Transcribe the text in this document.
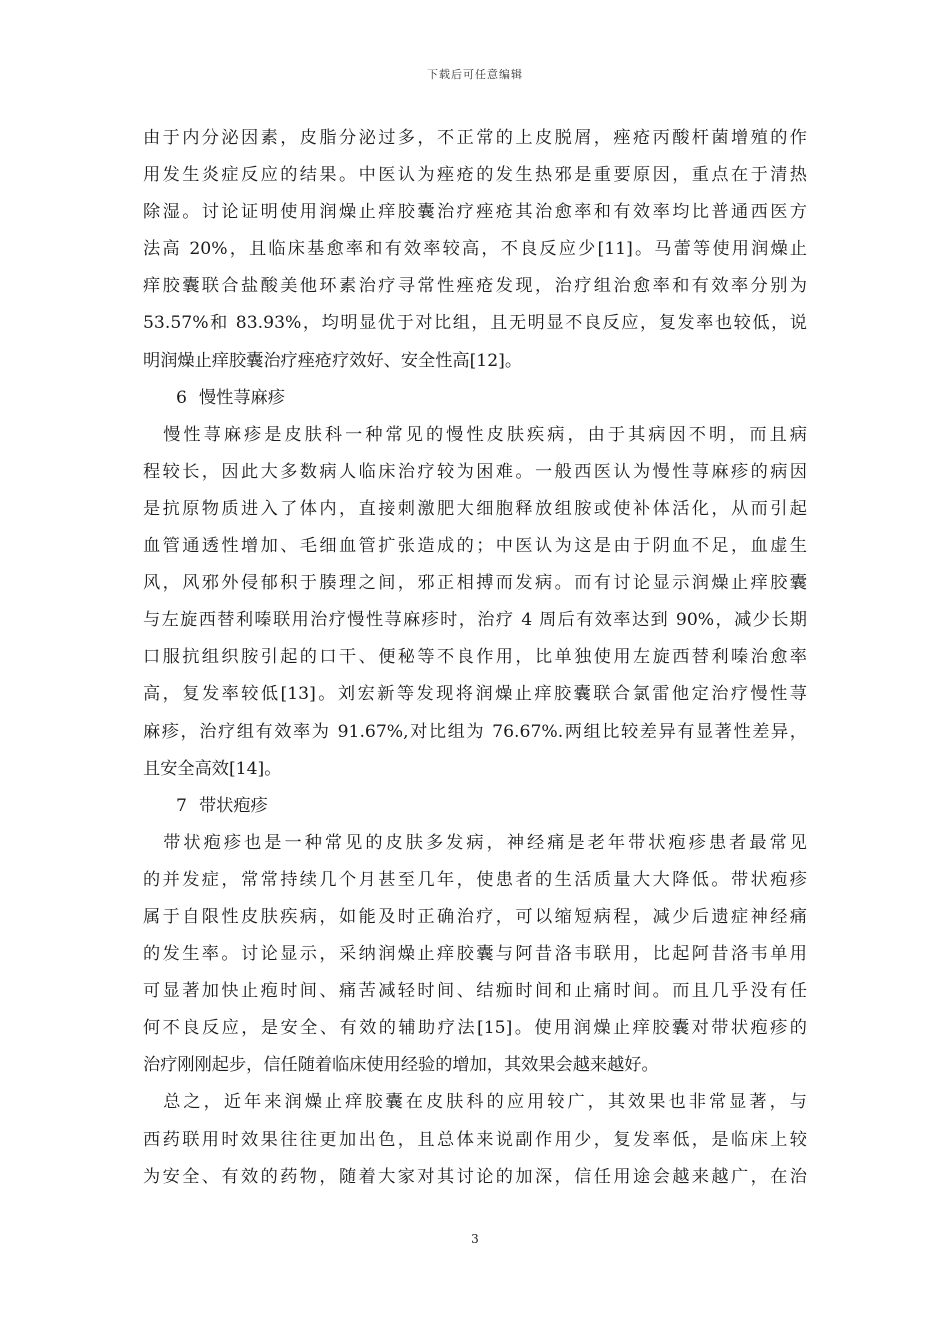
下载后可任意编辑
由于内分泌因素，皮脂分泌过多，不正常的上皮脱屑，痤疮丙酸杆菌增殖的作
用发生炎症反应的结果。中医认为痤疮的发生热邪是重要原因，重点在于清热
除湿。讨论证明使用润燥止痒胶囊治疗痤疮其治愈率和有效率均比普通西医方
法高 20%，且临床基愈率和有效率较高，不良反应少[11]。马蕾等使用润燥止
痒胶囊联合盐酸美他环素治疗寻常性痤疮发现，治疗组治愈率和有效率分别为
53.57%和 83.93%，均明显优于对比组，且无明显不良反应，复发率也较低，说
明润燥止痒胶囊治疗痤疮疗效好、安全性高[12]。
6 慢性荨麻疹
　慢性荨麻疹是皮肤科一种常见的慢性皮肤疾病，由于其病因不明，而且病
程较长，因此大多数病人临床治疗较为困难。一般西医认为慢性荨麻疹的病因
是抗原物质进入了体内，直接刺激肥大细胞释放组胺或使补体活化，从而引起
血管通透性增加、毛细血管扩张造成的；中医认为这是由于阴血不足，血虚生
风，风邪外侵郁积于腠理之间，邪正相搏而发病。而有讨论显示润燥止痒胶囊
与左旋西替利嗪联用治疗慢性荨麻疹时，治疗 4 周后有效率达到 90%，减少长期
口服抗组织胺引起的口干、便秘等不良作用，比单独使用左旋西替利嗪治愈率
高，复发率较低[13]。刘宏新等发现将润燥止痒胶囊联合氯雷他定治疗慢性荨
麻疹，治疗组有效率为 91.67%,对比组为 76.67%.两组比较差异有显著性差异，
且安全高效[14]。
7 带状疱疹
　带状疱疹也是一种常见的皮肤多发病，神经痛是老年带状疱疹患者最常见
的并发症，常常持续几个月甚至几年，使患者的生活质量大大降低。带状疱疹
属于自限性皮肤疾病，如能及时正确治疗，可以缩短病程，减少后遗症神经痛
的发生率。讨论显示，采纳润燥止痒胶囊与阿昔洛韦联用，比起阿昔洛韦单用
可显著加快止疱时间、痛苦减轻时间、结痂时间和止痛时间。而且几乎没有任
何不良反应，是安全、有效的辅助疗法[15]。使用润燥止痒胶囊对带状疱疹的
治疗刚刚起步，信任随着临床使用经验的增加，其效果会越来越好。
　总之，近年来润燥止痒胶囊在皮肤科的应用较广，其效果也非常显著，与
西药联用时效果往往更加出色，且总体来说副作用少，复发率低，是临床上较
为安全、有效的药物，随着大家对其讨论的加深，信任用途会越来越广，在治
3
